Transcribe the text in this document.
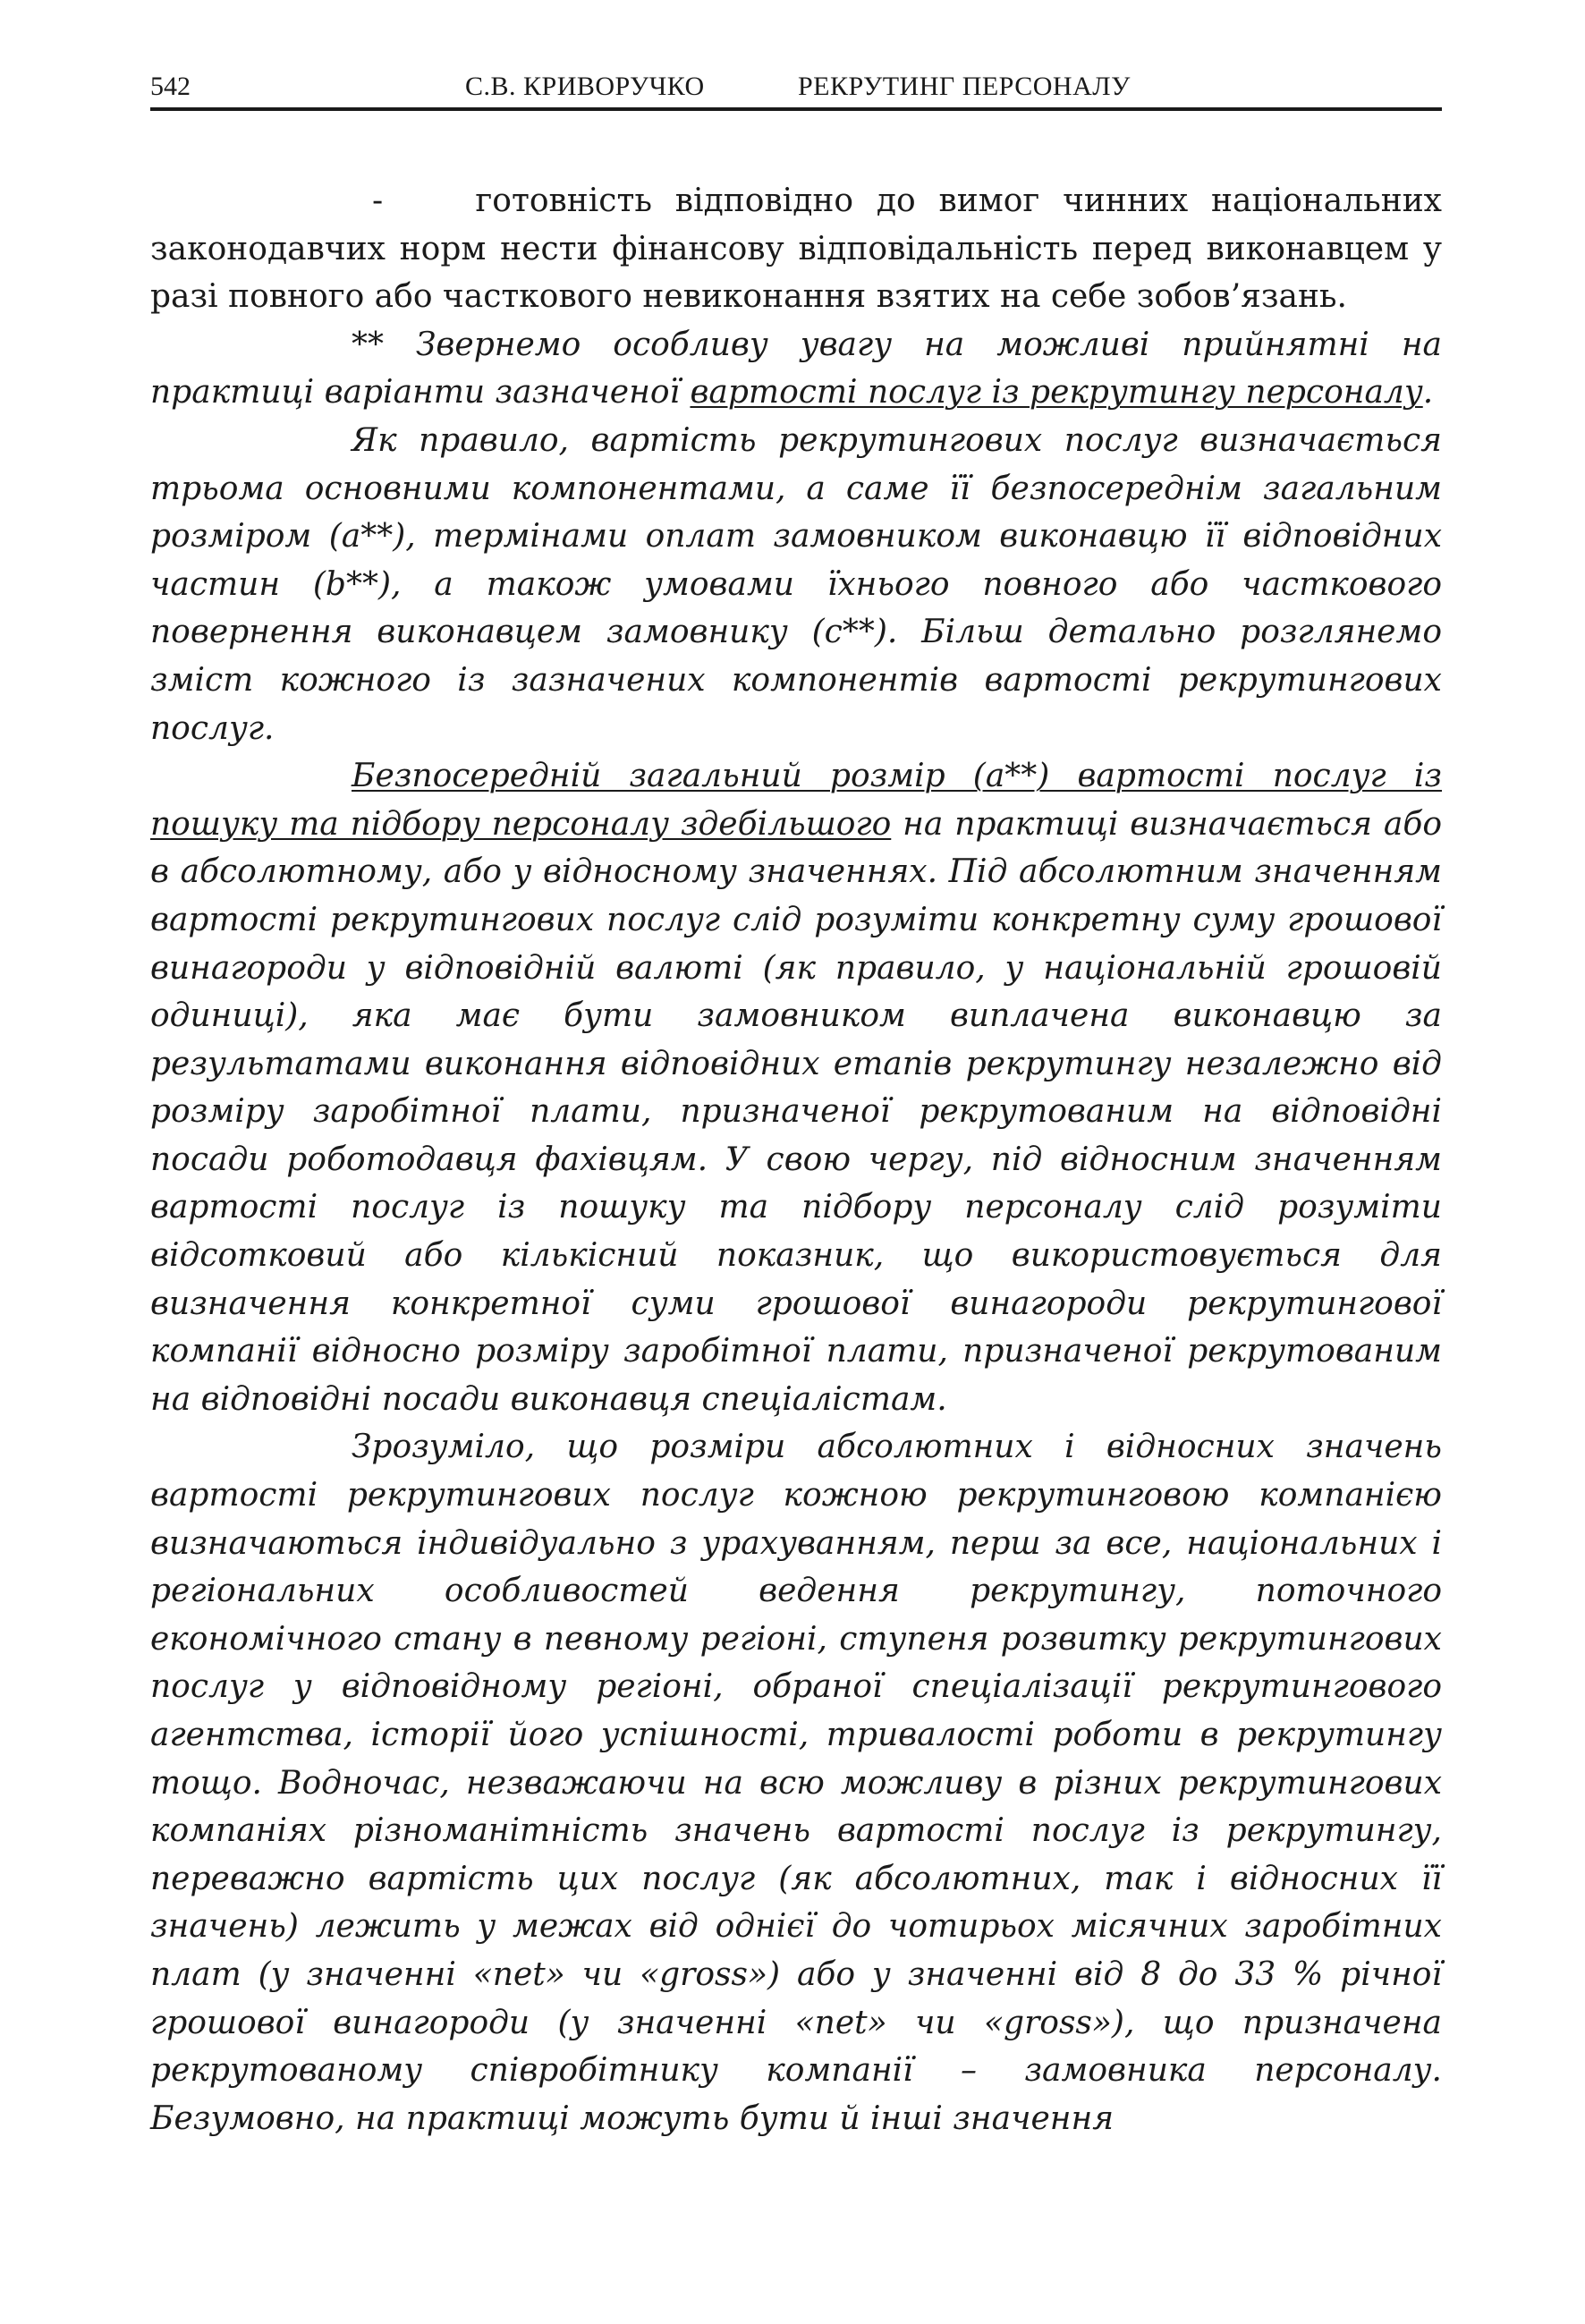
542	С.В. КРИВОРУЧКО	РЕКРУТИНГ ПЕРСОНАЛУ

-	готовність відповідно до вимог чинних національних законодавчих норм нести фінансову відповідальність перед виконавцем у разі повного або часткового невиконання взятих на себе зобов’язань.

** Звернемо особливу увагу на можливі прийнятні на практиці варіанти зазначеної вартості послуг із рекрутингу персоналу.

Як правило, вартість рекрутингових послуг визначається трьома основними компонентами, а саме її безпосереднім загальним розміром (а**), термінами оплат замовником виконавцю її відповідних частин (b**), а також умовами їхнього повного або часткового повернення виконавцем замовнику (c**). Більш детально розглянемо зміст кожного із зазначених компонентів вартості рекрутингових послуг.

Безпосередній загальний розмір (а**) вартості послуг із пошуку та підбору персоналу здебільшого на практиці визначається або в абсолютному, або у відносному значеннях. Під абсолютним значенням вартості рекрутингових послуг слід розуміти конкретну суму грошової винагороди у відповідній валюті (як правило, у національній грошовій одиниці), яка має бути замовником виплачена виконавцю за результатами виконання відповідних етапів рекрутингу незалежно від розміру заробітної плати, призначеної рекрутованим на відповідні посади роботодавця фахівцям. У свою чергу, під відносним значенням вартості послуг із пошуку та підбору персоналу слід розуміти відсотковий або кількісний показник, що використовується для визначення конкретної суми грошової винагороди рекрутингової компанії відносно розміру заробітної плати, призначеної рекрутованим на відповідні посади виконавця спеціалістам.

Зрозуміло, що розміри абсолютних і відносних значень вартості рекрутингових послуг кожною рекрутинговою компанією визначаються індивідуально з урахуванням, перш за все, національних і регіональних особливостей ведення рекрутингу, поточного економічного стану в певному регіоні, ступеня розвитку рекрутингових послуг у відповідному регіоні, обраної спеціалізації рекрутингового агентства, історії його успішності, тривалості роботи в рекрутингу тощо. Водночас, незважаючи на всю можливу в різних рекрутингових компаніях різноманітність значень вартості послуг із рекрутингу, переважно вартість цих послуг (як абсолютних, так і відносних її значень) лежить у межах від однієї до чотирьох місячних заробітних плат (у значенні «net» чи «gross») або у значенні від 8 до 33 % річної грошової винагороди (у значенні «net» чи «gross»), що призначена рекрутованому співробітнику компанії – замовника персоналу. Безумовно, на практиці можуть бути й інші значення
